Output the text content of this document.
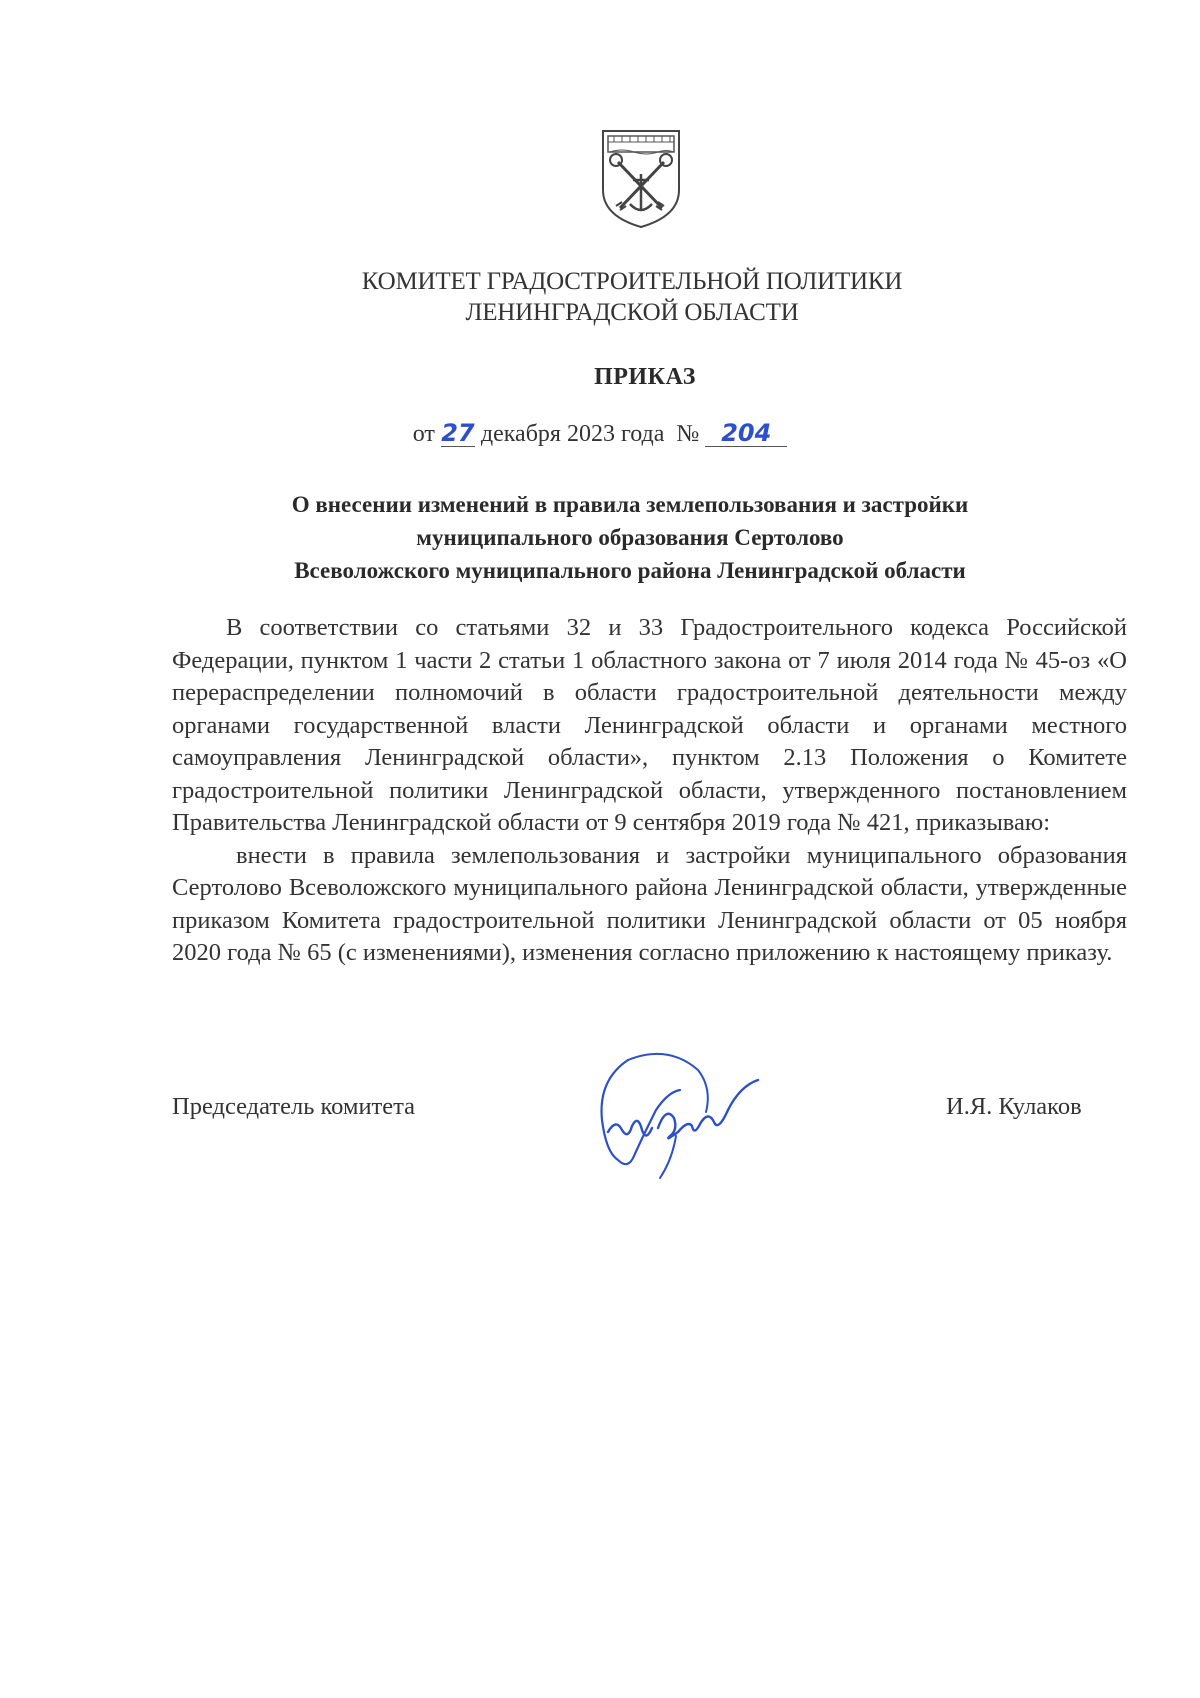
КОМИТЕТ ГРАДОСТРОИТЕЛЬНОЙ ПОЛИТИКИ
ЛЕНИНГРАДСКОЙ ОБЛАСТИ
ПРИКАЗ
от 27 декабря 2023 года № 204
О внесении изменений в правила землепользования и застройки
муниципального образования Сертолово
Всеволожского муниципального района Ленинградской области

В соответствии со статьями 32 и 33 Градостроительного кодекса Российской Федерации, пунктом 1 части 2 статьи 1 областного закона от 7 июля 2014 года № 45-оз «О перераспределении полномочий в области градостроительной деятельности между органами государственной власти Ленинградской области и органами местного самоуправления Ленинградской области», пунктом 2.13 Положения о Комитете градостроительной политики Ленинградской области, утвержденного постановлением Правительства Ленинградской области от 9 сентября 2019 года № 421, приказываю:

внести в правила землепользования и застройки муниципального образования Сертолово Всеволожского муниципального района Ленинградской области, утвержденные приказом Комитета градостроительной политики Ленинградской области от 05 ноября 2020 года № 65 (с изменениями), изменения согласно приложению к настоящему приказу.

Председатель комитета	И.Я. Кулаков
